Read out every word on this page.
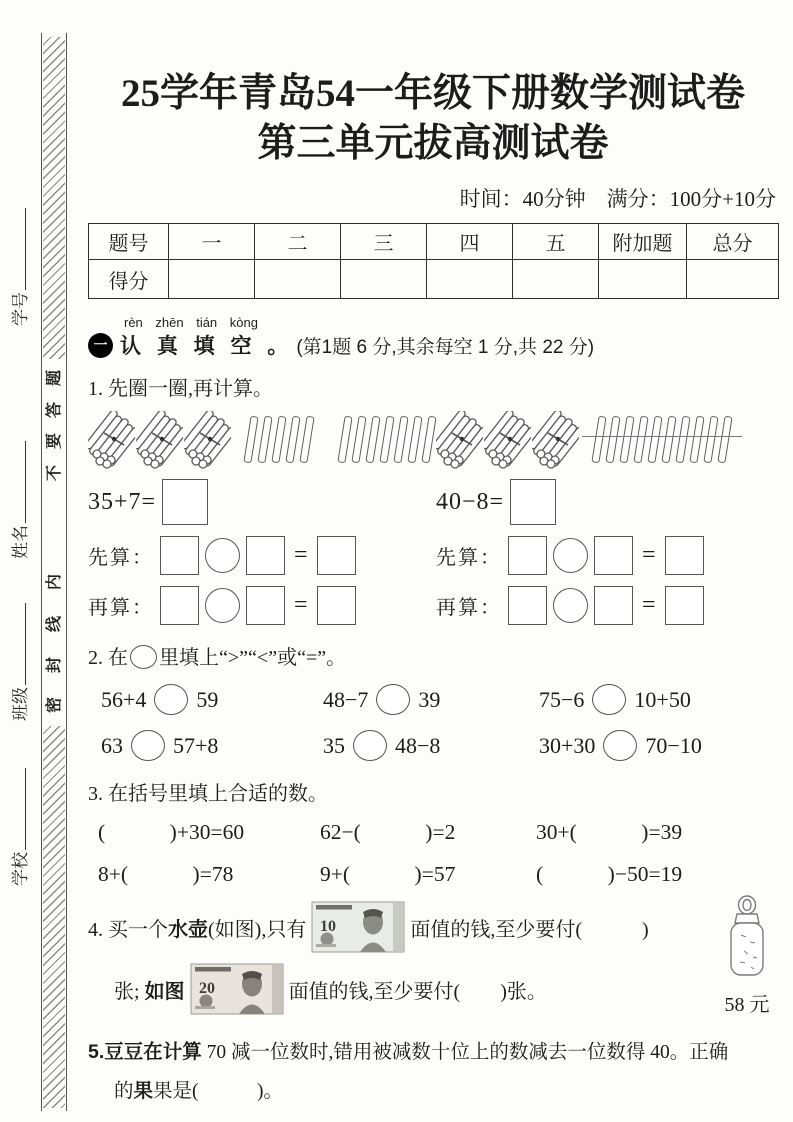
题
答
要
不
内
线
封
密
学号
姓名
班级
学校
25学年青岛54一年级下册数学测试卷
第三单元拔高测试卷
时间：40分钟　满分：100分+10分
题号	一	二	三	四	五	附加题	总分
得分							
rèn zhēn tián kòng
一 认 真 填 空 。 (第1题 6 分,其余每空 1 分,共 22 分)
1. 先圈一圈,再计算。
35+7=
先算：	=
再算：	=
40−8=
先算：	=
再算：	=
2. 在 里填上“>”“<”或“=”。
56+4 59	48−7 39	75−6 10+50
63 57+8	35 48−8	30+30 70−10
3. 在括号里填上合适的数。
(   )+30=60	62−(   )=2	30+(   )=39
8+(   )=78	9+(   )=57	(   )−50=19
4. 买一个 水壶 (如图),只有 10	面值的钱,至少要付(   )
张; 如图 20	面值的钱,至少要付(  )张。
58 元
5.豆豆在计算 70 减一位数时,错用被减数十位上的数减去一位数得 40。正确
的果果是(   )。
